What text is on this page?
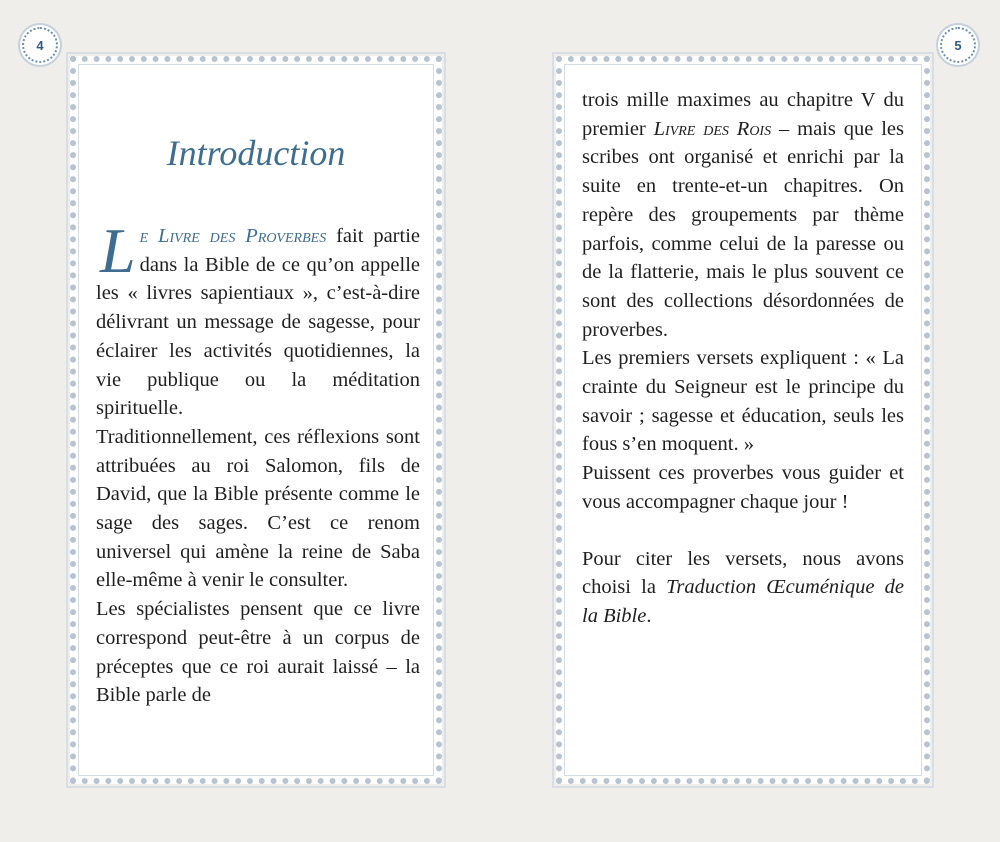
4	5
Introduction

Le Livre des Proverbes fait partie dans la Bible de ce qu’on appelle les « livres sapientiaux », c’est-à-dire délivrant un message de sagesse, pour éclairer les activités quotidiennes, la vie publique ou la méditation spirituelle.

Traditionnellement, ces réflexions sont attribuées au roi Salomon, fils de David, que la Bible présente comme le sage des sages. C’est ce renom universel qui amène la reine de Saba elle-même à venir le consulter.

Les spécialistes pensent que ce livre correspond peut-être à un corpus de préceptes que ce roi aurait laissé – la Bible parle de

trois mille maximes au chapitre V du premier Livre des Rois – mais que les scribes ont organisé et enrichi par la suite en trente-et-un chapitres. On repère des groupements par thème parfois, comme celui de la paresse ou de la flatterie, mais le plus souvent ce sont des collections désordonnées de proverbes.

Les premiers versets expliquent : « La crainte du Seigneur est le principe du savoir ; sagesse et éducation, seuls les fous s’en moquent. »

Puissent ces proverbes vous guider et vous accompagner chaque jour !

Pour citer les versets, nous avons choisi la Traduction Œcuménique de la Bible.
